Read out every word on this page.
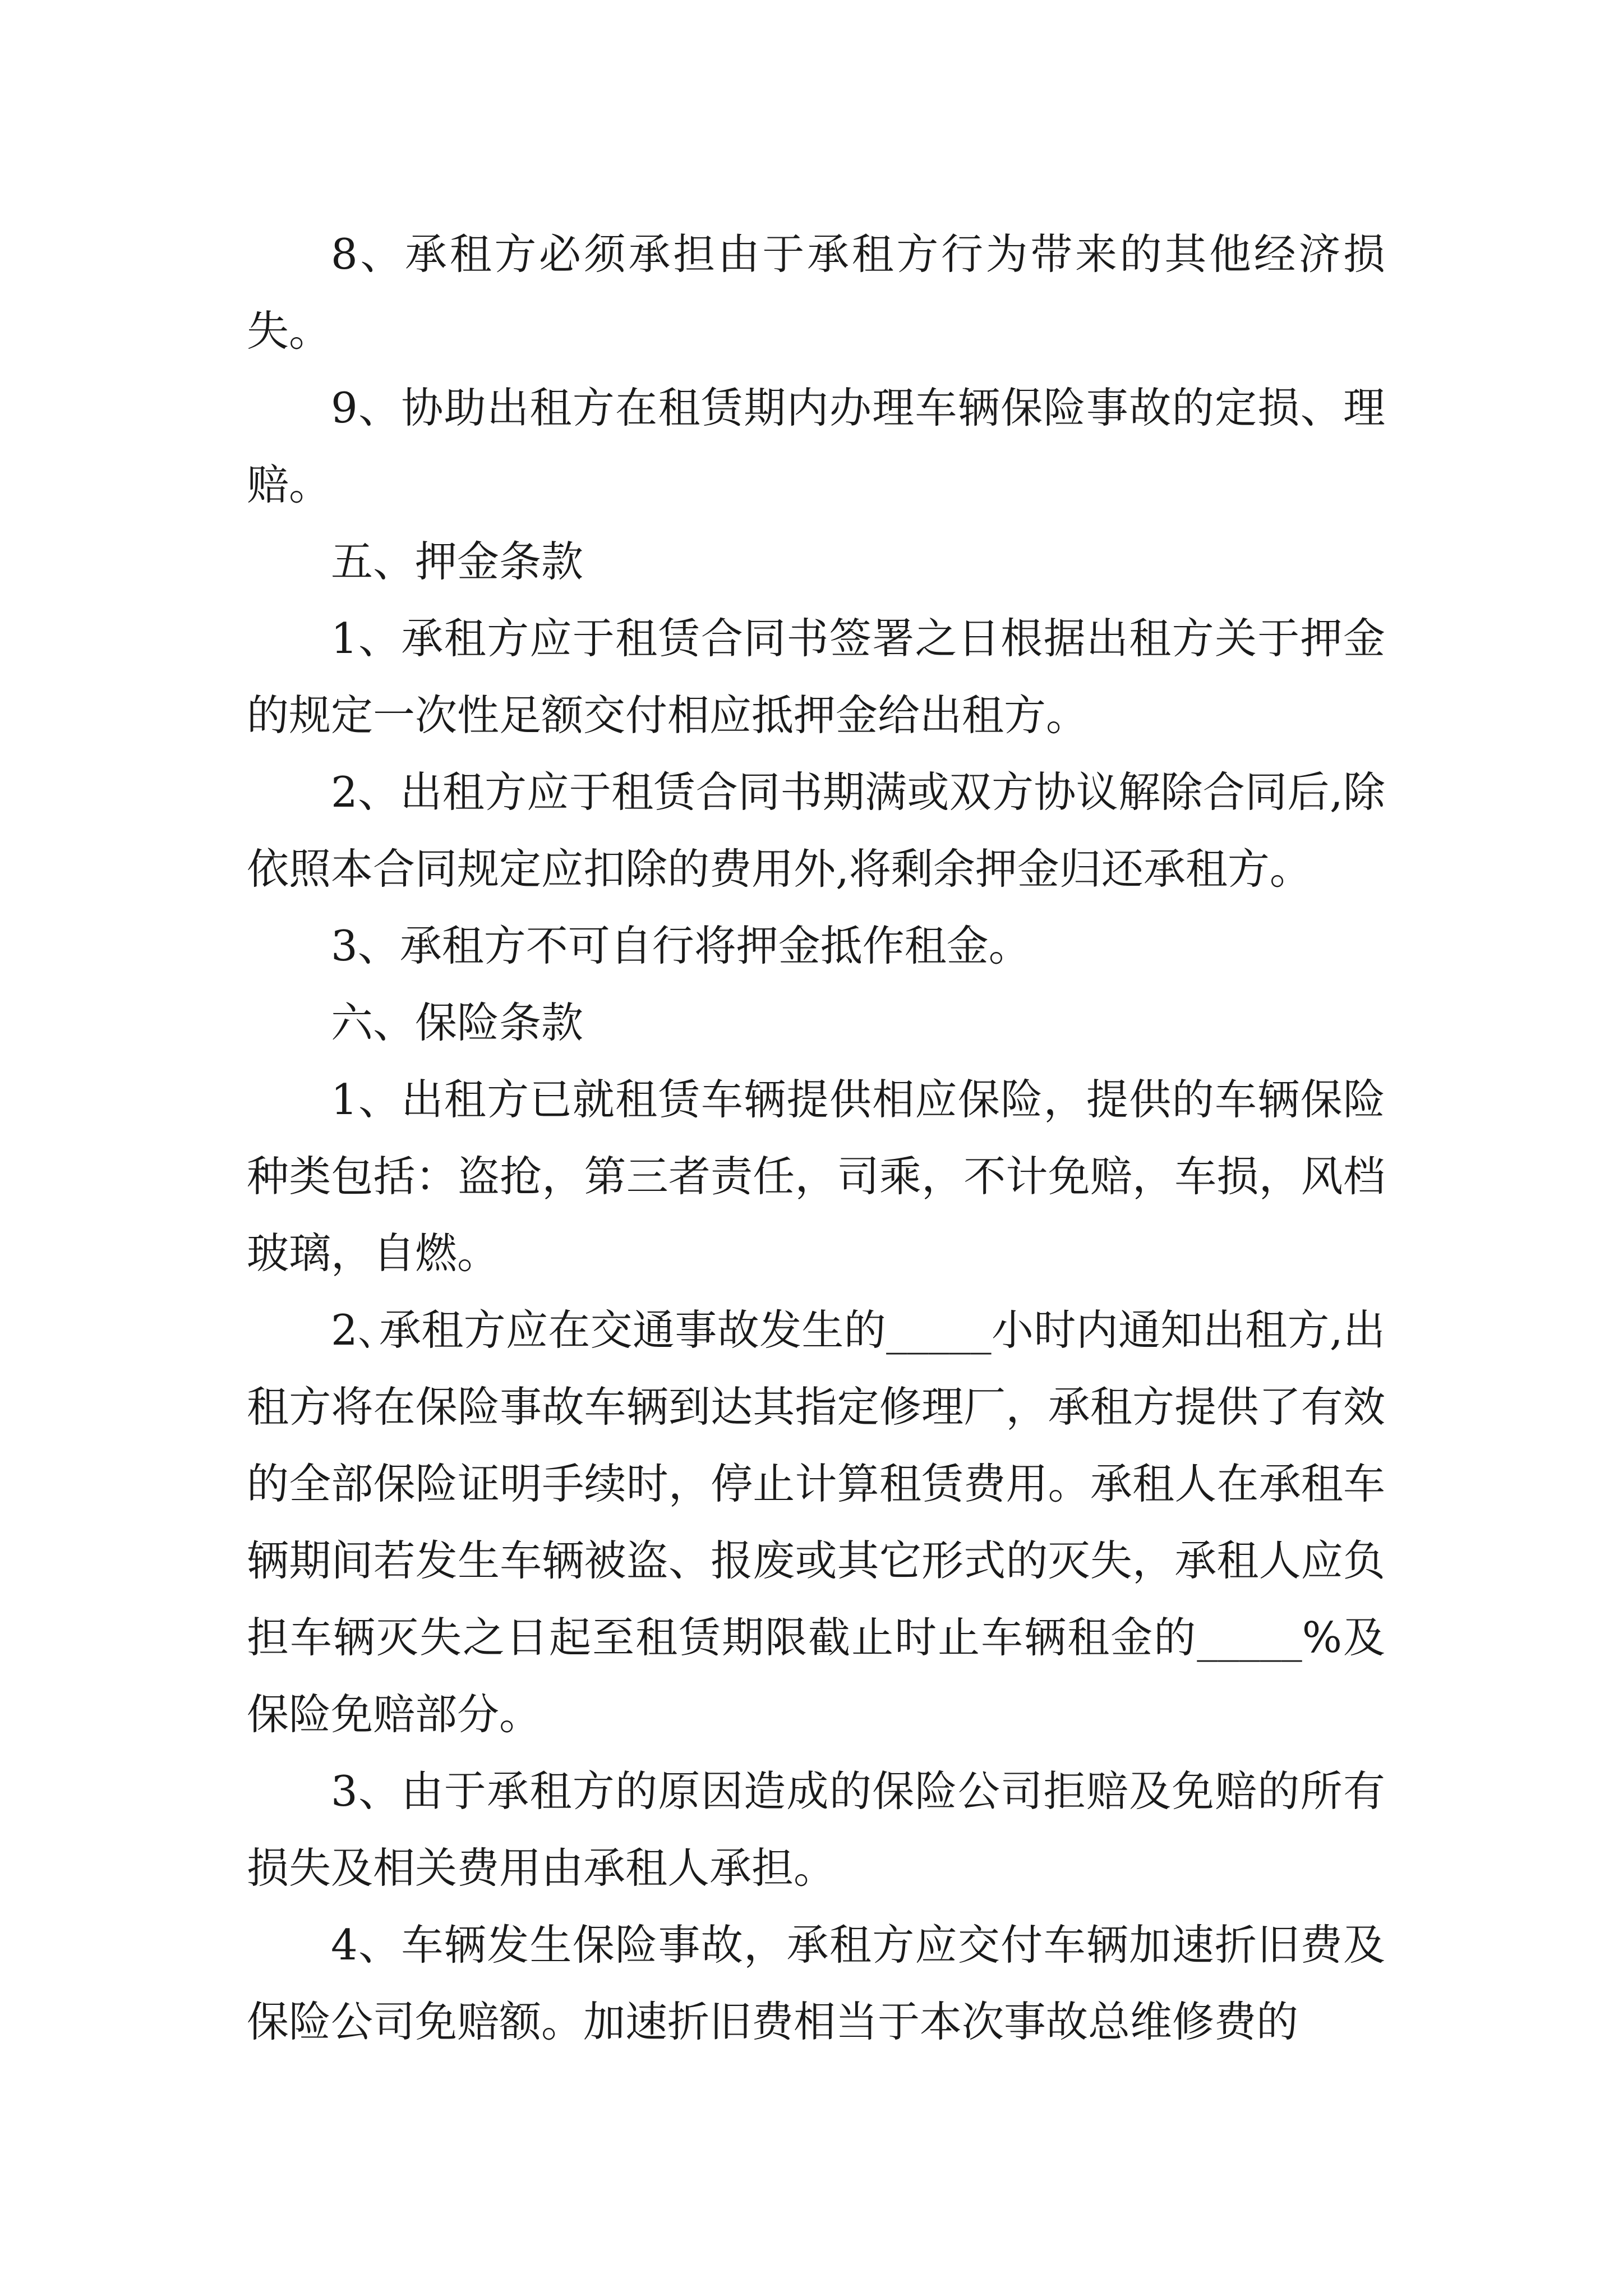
8、承租方必须承担由于承租方行为带来的其他经济损失。

9、协助出租方在租赁期内办理车辆保险事故的定损、理赔。

五、押金条款

1、承租方应于租赁合同书签署之日根据出租方关于押金的规定一次性足额交付相应抵押金给出租方。

2、出租方应于租赁合同书期满或双方协议解除合同后,除依照本合同规定应扣除的费用外,将剩余押金归还承租方。

3、承租方不可自行将押金抵作租金。

六、保险条款

1、出租方已就租赁车辆提供相应保险，提供的车辆保险种类包括：盗抢，第三者责任，司乘，不计免赔，车损，风档玻璃，自燃。

2､承租方应在交通事故发生的_____小时内通知出租方,出租方将在保险事故车辆到达其指定修理厂，承租方提供了有效的全部保险证明手续时，停止计算租赁费用。承租人在承租车辆期间若发生车辆被盗、报废或其它形式的灭失，承租人应负担车辆灭失之日起至租赁期限截止时止车辆租金的_____%及保险免赔部分。

3、由于承租方的原因造成的保险公司拒赔及免赔的所有损失及相关费用由承租人承担。

4、车辆发生保险事故，承租方应交付车辆加速折旧费及保险公司免赔额。加速折旧费相当于本次事故总维修费的
